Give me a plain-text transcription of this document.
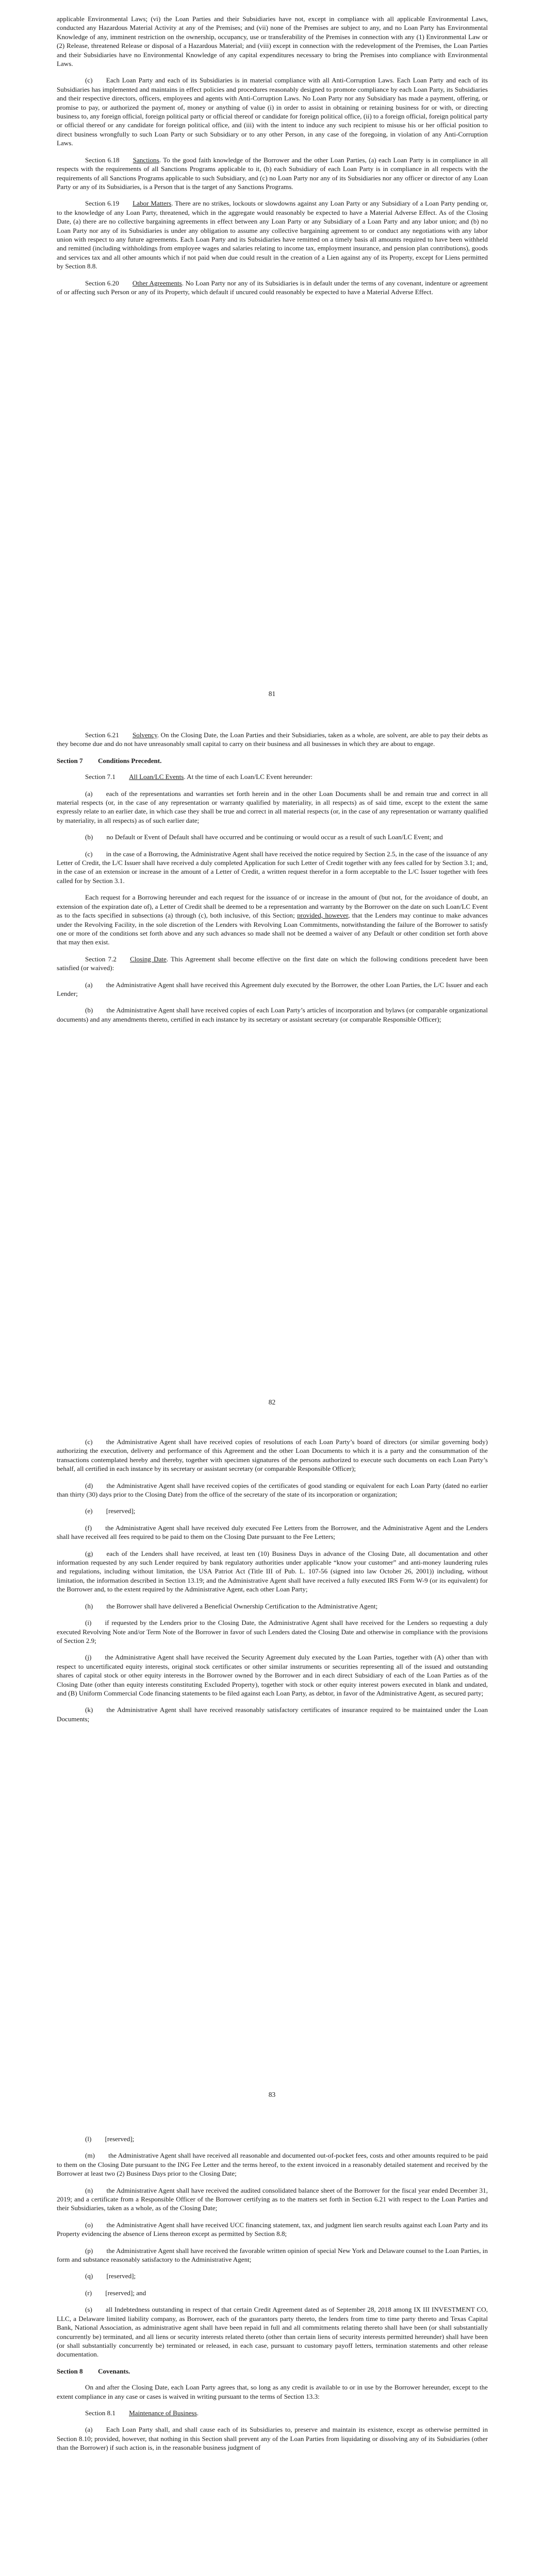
applicable Environmental Laws; (vi) the Loan Parties and their Subsidiaries have not, except in compliance with all applicable Environmental Laws, conducted any Hazardous Material Activity at any of the Premises; and (vii) none of the Premises are subject to any, and no Loan Party has Environmental Knowledge of any, imminent restriction on the ownership, occupancy, use or transferability of the Premises in connection with any (1) Environmental Law or (2) Release, threatened Release or disposal of a Hazardous Material; and (viii) except in connection with the redevelopment of the Premises, the Loan Parties and their Subsidiaries have no Environmental Knowledge of any capital expenditures necessary to bring the Premises into compliance with Environmental Laws.

(c)  Each Loan Party and each of its Subsidiaries is in material compliance with all Anti-Corruption Laws. Each Loan Party and each of its Subsidiaries has implemented and maintains in effect policies and procedures reasonably designed to promote compliance by each Loan Party, its Subsidiaries and their respective directors, officers, employees and agents with Anti-Corruption Laws. No Loan Party nor any Subsidiary has made a payment, offering, or promise to pay, or authorized the payment of, money or anything of value (i) in order to assist in obtaining or retaining business for or with, or directing business to, any foreign official, foreign political party or official thereof or candidate for foreign political office, (ii) to a foreign official, foreign political party or official thereof or any candidate for foreign political office, and (iii) with the intent to induce any such recipient to misuse his or her official position to direct business wrongfully to such Loan Party or such Subsidiary or to any other Person, in any case of the foregoing, in violation of any Anti-Corruption Laws.

Section 6.18  Sanctions. To the good faith knowledge of the Borrower and the other Loan Parties, (a) each Loan Party is in compliance in all respects with the requirements of all Sanctions Programs applicable to it, (b) each Subsidiary of each Loan Party is in compliance in all respects with the requirements of all Sanctions Programs applicable to such Subsidiary, and (c) no Loan Party nor any of its Subsidiaries nor any officer or director of any Loan Party or any of its Subsidiaries, is a Person that is the target of any Sanctions Programs.

Section 6.19  Labor Matters. There are no strikes, lockouts or slowdowns against any Loan Party or any Subsidiary of a Loan Party pending or, to the knowledge of any Loan Party, threatened, which in the aggregate would reasonably be expected to have a Material Adverse Effect. As of the Closing Date, (a) there are no collective bargaining agreements in effect between any Loan Party or any Subsidiary of a Loan Party and any labor union; and (b) no Loan Party nor any of its Subsidiaries is under any obligation to assume any collective bargaining agreement to or conduct any negotiations with any labor union with respect to any future agreements. Each Loan Party and its Subsidiaries have remitted on a timely basis all amounts required to have been withheld and remitted (including withholdings from employee wages and salaries relating to income tax, employment insurance, and pension plan contributions), goods and services tax and all other amounts which if not paid when due could result in the creation of a Lien against any of its Property, except for Liens permitted by Section 8.8.

Section 6.20  Other Agreements. No Loan Party nor any of its Subsidiaries is in default under the terms of any covenant, indenture or agreement of or affecting such Person or any of its Property, which default if uncured could reasonably be expected to have a Material Adverse Effect.

81

Section 6.21  Solvency. On the Closing Date, the Loan Parties and their Subsidiaries, taken as a whole, are solvent, are able to pay their debts as they become due and do not have unreasonably small capital to carry on their business and all businesses in which they are about to engage.

Section 7 Conditions Precedent.

Section 7.1  All Loan/LC Events. At the time of each Loan/LC Event hereunder:

(a)  each of the representations and warranties set forth herein and in the other Loan Documents shall be and remain true and correct in all material respects (or, in the case of any representation or warranty qualified by materiality, in all respects) as of said time, except to the extent the same expressly relate to an earlier date, in which case they shall be true and correct in all material respects (or, in the case of any representation or warranty qualified by materiality, in all respects) as of such earlier date;

(b)  no Default or Event of Default shall have occurred and be continuing or would occur as a result of such Loan/LC Event; and

(c)  in the case of a Borrowing, the Administrative Agent shall have received the notice required by Section 2.5, in the case of the issuance of any Letter of Credit, the L/C Issuer shall have received a duly completed Application for such Letter of Credit together with any fees called for by Section 3.1; and, in the case of an extension or increase in the amount of a Letter of Credit, a written request therefor in a form acceptable to the L/C Issuer together with fees called for by Section 3.1.

Each request for a Borrowing hereunder and each request for the issuance of or increase in the amount of (but not, for the avoidance of doubt, an extension of the expiration date of), a Letter of Credit shall be deemed to be a representation and warranty by the Borrower on the date on such Loan/LC Event as to the facts specified in subsections (a) through (c), both inclusive, of this Section; provided, however, that the Lenders may continue to make advances under the Revolving Facility, in the sole discretion of the Lenders with Revolving Loan Commitments, notwithstanding the failure of the Borrower to satisfy one or more of the conditions set forth above and any such advances so made shall not be deemed a waiver of any Default or other condition set forth above that may then exist.

Section 7.2  Closing Date. This Agreement shall become effective on the first date on which the following conditions precedent have been satisfied (or waived):

(a)  the Administrative Agent shall have received this Agreement duly executed by the Borrower, the other Loan Parties, the L/C Issuer and each Lender;

(b)  the Administrative Agent shall have received copies of each Loan Party’s articles of incorporation and bylaws (or comparable organizational documents) and any amendments thereto, certified in each instance by its secretary or assistant secretary (or comparable Responsible Officer);

82

(c)  the Administrative Agent shall have received copies of resolutions of each Loan Party’s board of directors (or similar governing body) authorizing the execution, delivery and performance of this Agreement and the other Loan Documents to which it is a party and the consummation of the transactions contemplated hereby and thereby, together with specimen signatures of the persons authorized to execute such documents on each Loan Party’s behalf, all certified in each instance by its secretary or assistant secretary (or comparable Responsible Officer);

(d)  the Administrative Agent shall have received copies of the certificates of good standing or equivalent for each Loan Party (dated no earlier than thirty (30) days prior to the Closing Date) from the office of the secretary of the state of its incorporation or organization;

(e)  [reserved];

(f)  the Administrative Agent shall have received duly executed Fee Letters from the Borrower, and the Administrative Agent and the Lenders shall have received all fees required to be paid to them on the Closing Date pursuant to the Fee Letters;

(g)  each of the Lenders shall have received, at least ten (10) Business Days in advance of the Closing Date, all documentation and other information requested by any such Lender required by bank regulatory authorities under applicable “know your customer” and anti-money laundering rules and regulations, including without limitation, the USA Patriot Act (Title III of Pub. L. 107-56 (signed into law October 26, 2001)) including, without limitation, the information described in Section 13.19; and the Administrative Agent shall have received a fully executed IRS Form W-9 (or its equivalent) for the Borrower and, to the extent required by the Administrative Agent, each other Loan Party;

(h)  the Borrower shall have delivered a Beneficial Ownership Certification to the Administrative Agent;

(i)  if requested by the Lenders prior to the Closing Date, the Administrative Agent shall have received for the Lenders so requesting a duly executed Revolving Note and/or Term Note of the Borrower in favor of such Lenders dated the Closing Date and otherwise in compliance with the provisions of Section 2.9;

(j)  the Administrative Agent shall have received the Security Agreement duly executed by the Loan Parties, together with (A) other than with respect to uncertificated equity interests, original stock certificates or other similar instruments or securities representing all of the issued and outstanding shares of capital stock or other equity interests in the Borrower owned by the Borrower and in each direct Subsidiary of each of the Loan Parties as of the Closing Date (other than equity interests constituting Excluded Property), together with stock or other equity interest powers executed in blank and undated, and (B) Uniform Commercial Code financing statements to be filed against each Loan Party, as debtor, in favor of the Administrative Agent, as secured party;

(k)  the Administrative Agent shall have received reasonably satisfactory certificates of insurance required to be maintained under the Loan Documents;

83

(l)  [reserved];

(m)  the Administrative Agent shall have received all reasonable and documented out-of-pocket fees, costs and other amounts required to be paid to them on the Closing Date pursuant to the ING Fee Letter and the terms hereof, to the extent invoiced in a reasonably detailed statement and received by the Borrower at least two (2) Business Days prior to the Closing Date;

(n)  the Administrative Agent shall have received the audited consolidated balance sheet of the Borrower for the fiscal year ended December 31, 2019; and a certificate from a Responsible Officer of the Borrower certifying as to the matters set forth in Section 6.21 with respect to the Loan Parties and their Subsidiaries, taken as a whole, as of the Closing Date;

(o)  the Administrative Agent shall have received UCC financing statement, tax, and judgment lien search results against each Loan Party and its Property evidencing the absence of Liens thereon except as permitted by Section 8.8;

(p)  the Administrative Agent shall have received the favorable written opinion of special New York and Delaware counsel to the Loan Parties, in form and substance reasonably satisfactory to the Administrative Agent;

(q)  [reserved];

(r)  [reserved]; and

(s)  all Indebtedness outstanding in respect of that certain Credit Agreement dated as of September 28, 2018 among IX III INVESTMENT CO, LLC, a Delaware limited liability company, as Borrower, each of the guarantors party thereto, the lenders from time to time party thereto and Texas Capital Bank, National Association, as administrative agent shall have been repaid in full and all commitments relating thereto shall have been (or shall substantially concurrently be) terminated, and all liens or security interests related thereto (other than certain liens of security interests permitted hereunder) shall have been (or shall substantially concurrently be) terminated or released, in each case, pursuant to customary payoff letters, termination statements and other release documentation.

Section 8 Covenants.

On and after the Closing Date, each Loan Party agrees that, so long as any credit is available to or in use by the Borrower hereunder, except to the extent compliance in any case or cases is waived in writing pursuant to the terms of Section 13.3:

Section 8.1  Maintenance of Business.

(a)  Each Loan Party shall, and shall cause each of its Subsidiaries to, preserve and maintain its existence, except as otherwise permitted in Section 8.10; provided, however, that nothing in this Section shall prevent any of the Loan Parties from liquidating or dissolving any of its Subsidiaries (other than the Borrower) if such action is, in the reasonable business judgment of
